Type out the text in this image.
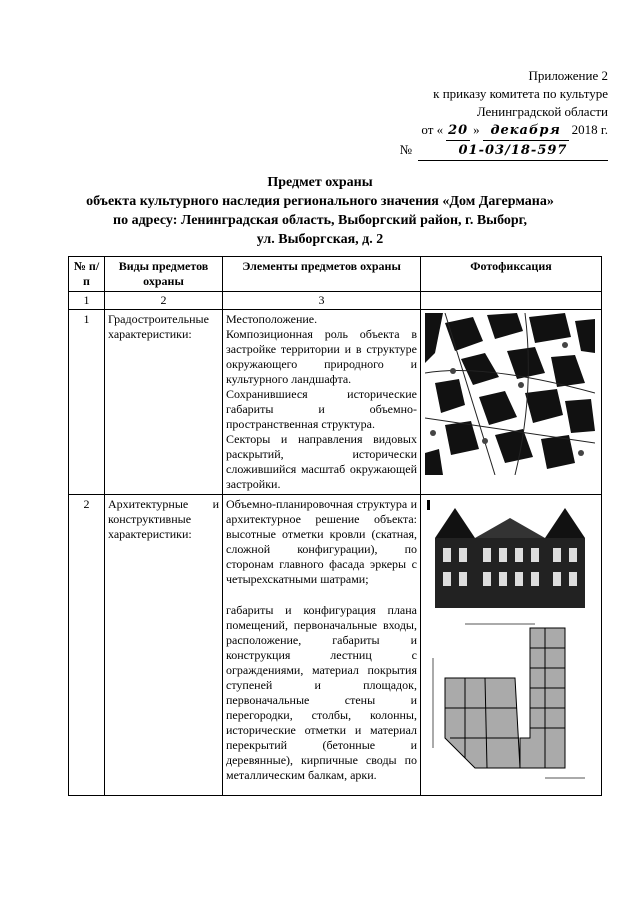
Приложение 2
к приказу комитета по культуре
Ленинградской области
от « 20 » декабря 2018 г.
№	01-03/18-597
Предмет охраны
объекта культурного наследия регионального значения «Дом Дагермана»
по адресу: Ленинградская область, Выборгский район, г. Выборг,
ул. Выборгская, д. 2
№ п/п	Виды предметов охраны	Элементы предметов охраны	Фотофиксация
1	2	3	
1	Градостроительные характеристики:	Местоположение.

Композиционная роль объекта в застройке территории и в структуре окружающего природного и культурного ландшафта.

Сохранившиеся исторические габариты и объемно-пространственная структура.

Секторы и направления видовых раскрытий, исторически сложившийся масштаб окружающей застройки.

2	Архитектурные и конструктивные характеристики:	Объемно-планировочная структура и архитектурное решение объекта: высотные отметки кровли (скатная, сложной конфигурации), по сторонам главного фасада эркеры с четырехскатными шатрами;

габариты и конфигурация плана помещений, первоначальные входы, расположение, габариты и конструкция лестниц с ограждениями, материал покрытия ступеней и площадок, первоначальные стены и перегородки, столбы, колонны, исторические отметки и материал перекрытий (бетонные и деревянные), кирпичные своды по металлическим балкам, арки.
